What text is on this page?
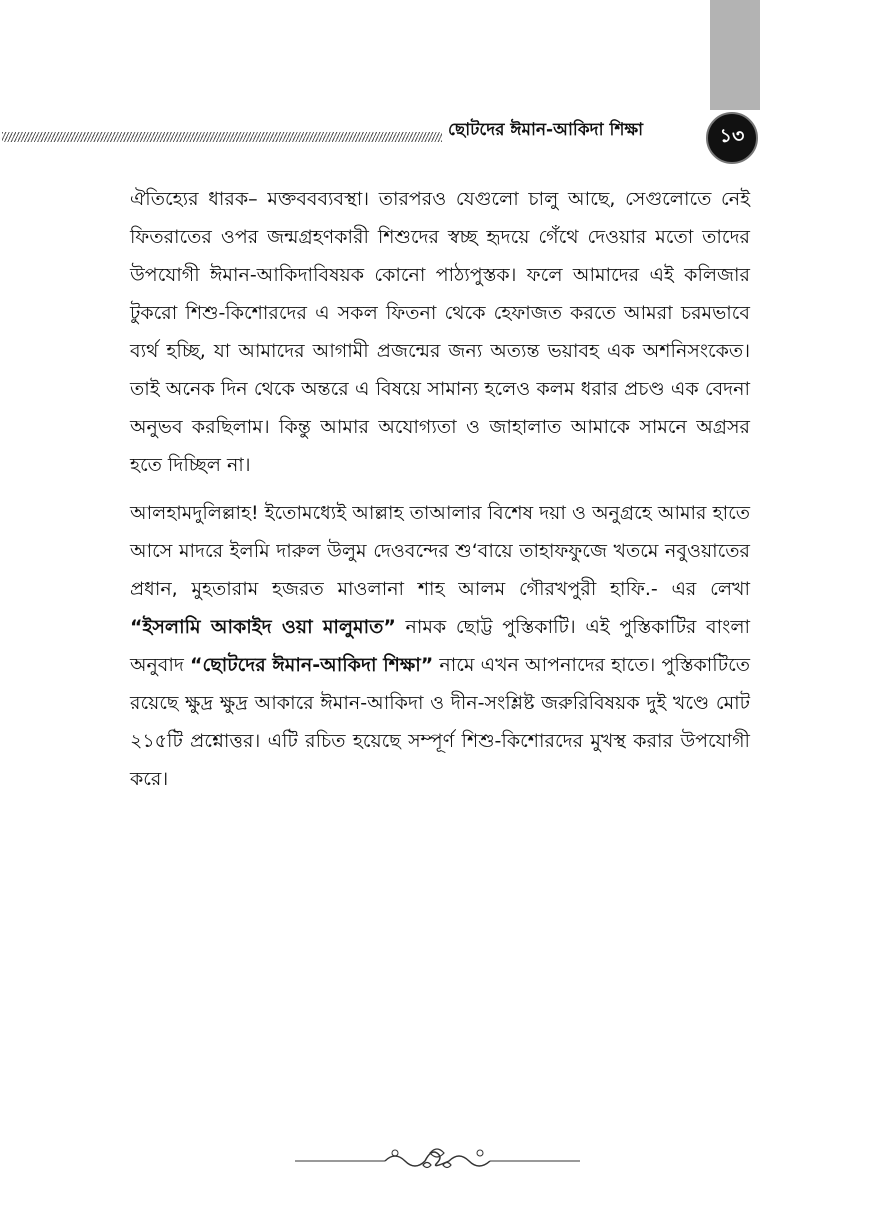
ছোটদের ঈমান-আকিদা শিক্ষা	১৩

ঐতিহ্যের ধারক– মক্তববব্যবস্থা। তারপরও যেগুলো চালু আছে, সেগুলোতে নেই ফিতরাতের ওপর জন্মগ্রহণকারী শিশুদের স্বচ্ছ হৃদয়ে গেঁথে দেওয়ার মতো তাদের উপযোগী ঈমান-আকিদাবিষয়ক কোনো পাঠ্যপুস্তক। ফলে আমাদের এই কলিজার টুকরো শিশু-কিশোরদের এ সকল ফিতনা থেকে হেফাজত করতে আমরা চরমভাবে ব্যর্থ হচ্ছি, যা আমাদের আগামী প্রজন্মের জন্য অত্যন্ত ভয়াবহ এক অশনিসংকেত। তাই অনেক দিন থেকে অন্তরে এ বিষয়ে সামান্য হলেও কলম ধরার প্রচণ্ড এক বেদনা অনুভব করছিলাম। কিন্তু আমার অযোগ্যতা ও জাহালাত আমাকে সামনে অগ্রসর হতে দিচ্ছিল না।

আলহামদুলিল্লাহ! ইতোমধ্যেই আল্লাহ তাআলার বিশেষ দয়া ও অনুগ্রহে আমার হাতে আসে মাদরে ইলমি দারুল উলুম দেওবন্দের শু‘বায়ে তাহাফফুজে খতমে নবুওয়াতের প্রধান, মুহতারাম হজরত মাওলানা শাহ আলম গৌরখপুরী হাফি.- এর লেখা “ইসলামি আকাইদ ওয়া মালুমাত” নামক ছোট্ট পুস্তিকাটি। এই পুস্তিকাটির বাংলা অনুবাদ “ছোটদের ঈমান-আকিদা শিক্ষা” নামে এখন আপনাদের হাতে। পুস্তিকাটিতে রয়েছে ক্ষুদ্র ক্ষুদ্র আকারে ঈমান-আকিদা ও দীন-সংশ্লিষ্ট জরুরিবিষয়ক দুই খণ্ডে মোট ২১৫টি প্রশ্নোত্তর। এটি রচিত হয়েছে সম্পূর্ণ শিশু-কিশোরদের মুখস্থ করার উপযোগী করে।
